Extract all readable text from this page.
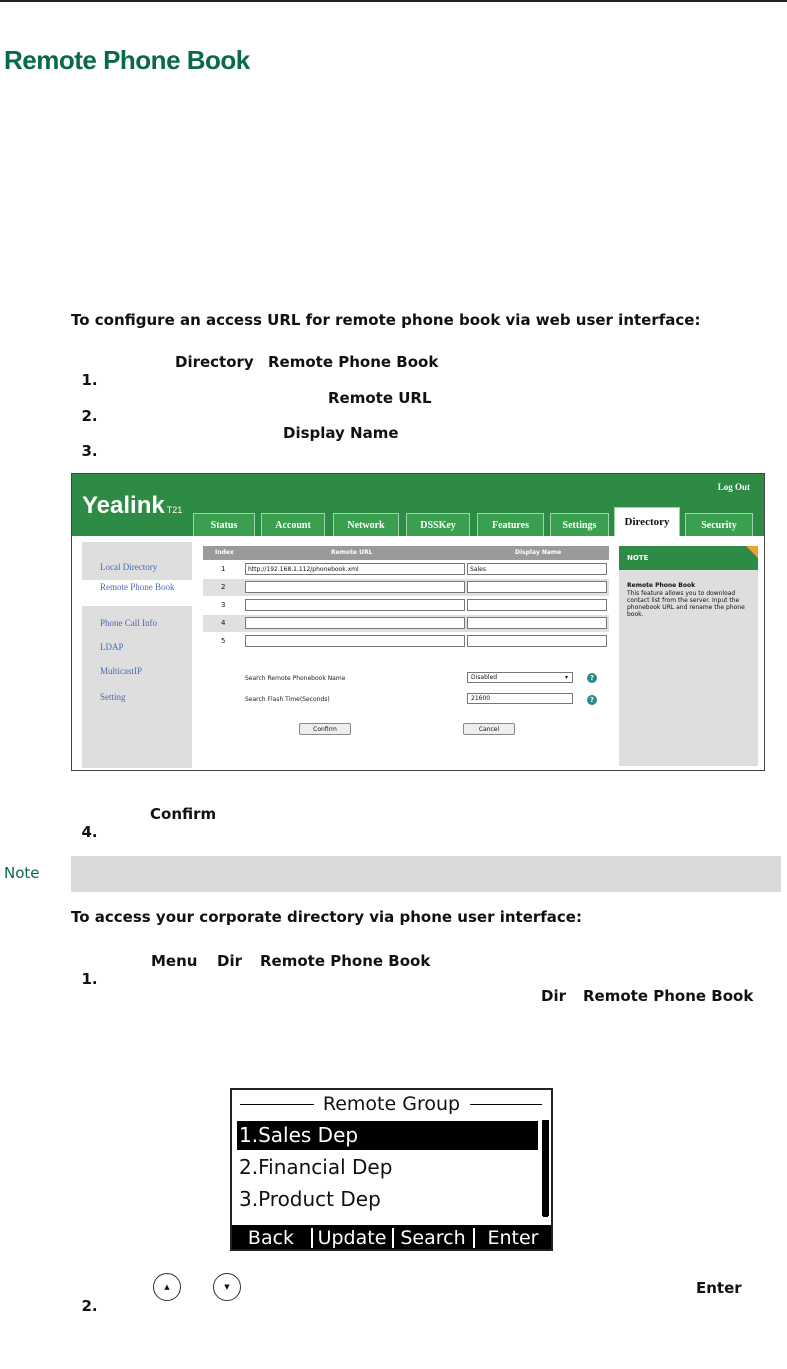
Remote Phone Book
To configure an access URL for remote phone book via web user interface:

1.

Directory

Remote Phone Book

2.

Remote URL

3.

Display Name

Yealink T21
Log Out
Status	Account	Network	DSSKey	Features	Settings	Directory	Security
Local Directory
Remote Phone Book
Phone Call Info
LDAP
MulticastIP
Setting
Index	Remote URL	Display Name
1	http://192.168.1.112/phonebook.xml	Sales
2
3
4
5
Search Remote Phonebook Name	Disabled	▾	?
Search Flash Time(Seconds)	21600	?
Confirm	Cancel
NOTE
Remote Phone Book
This feature allows you to download contact list from the server. Input the phonebook URL and rename the phone book.

4.

Confirm

Note
To access your corporate directory via phone user interface:

1.

Menu

Dir

Remote Phone Book

Dir

Remote Phone Book

Remote Group
1.Sales Dep
2.Financial Dep
3.Product Dep
Back	Update Search	Enter

2.

▲

	▼

	Enter
